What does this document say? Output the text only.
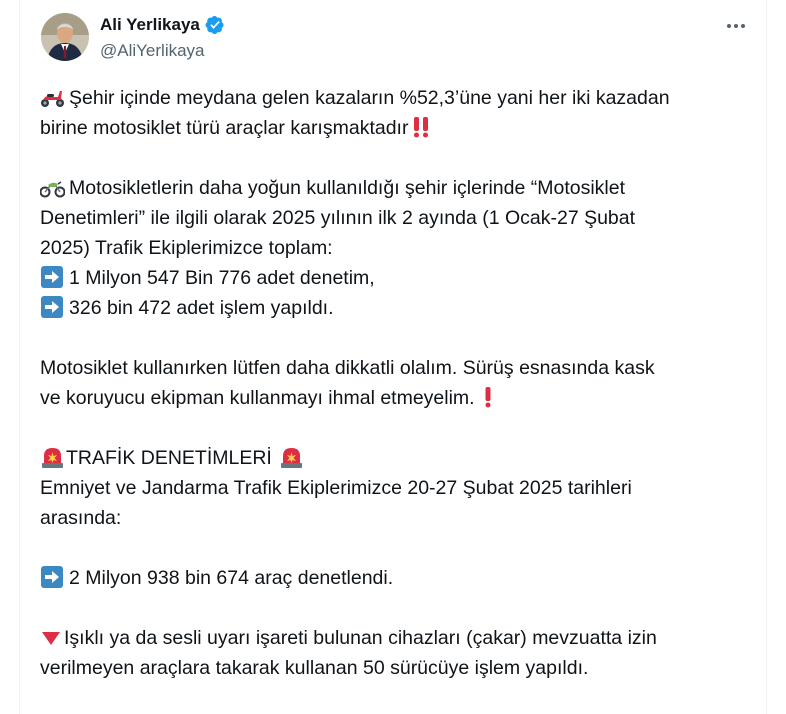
Ali Yerlikaya
@AliYerlikaya
Şehir içinde meydana gelen kazaların %52,3’üne yani her iki kazadan
birine motosiklet türü araçlar karışmaktadır
Motosikletlerin daha yoğun kullanıldığı şehir içlerinde “Motosiklet
Denetimleri” ile ilgili olarak 2025 yılının ilk 2 ayında (1 Ocak-27 Şubat
2025) Trafik Ekiplerimizce toplam:
1 Milyon 547 Bin 776 adet denetim,
326 bin 472 adet işlem yapıldı.
Motosiklet kullanırken lütfen daha dikkatli olalım. Sürüş esnasında kask
ve koruyucu ekipman kullanmayı ihmal etmeyelim.
TRAFİK DENETİMLERİ
Emniyet ve Jandarma Trafik Ekiplerimizce 20-27 Şubat 2025 tarihleri
arasında:
2 Milyon 938 bin 674 araç denetlendi.
Işıklı ya da sesli uyarı işareti bulunan cihazları (çakar) mevzuatta izin
verilmeyen araçlara takarak kullanan 50 sürücüye işlem yapıldı.
